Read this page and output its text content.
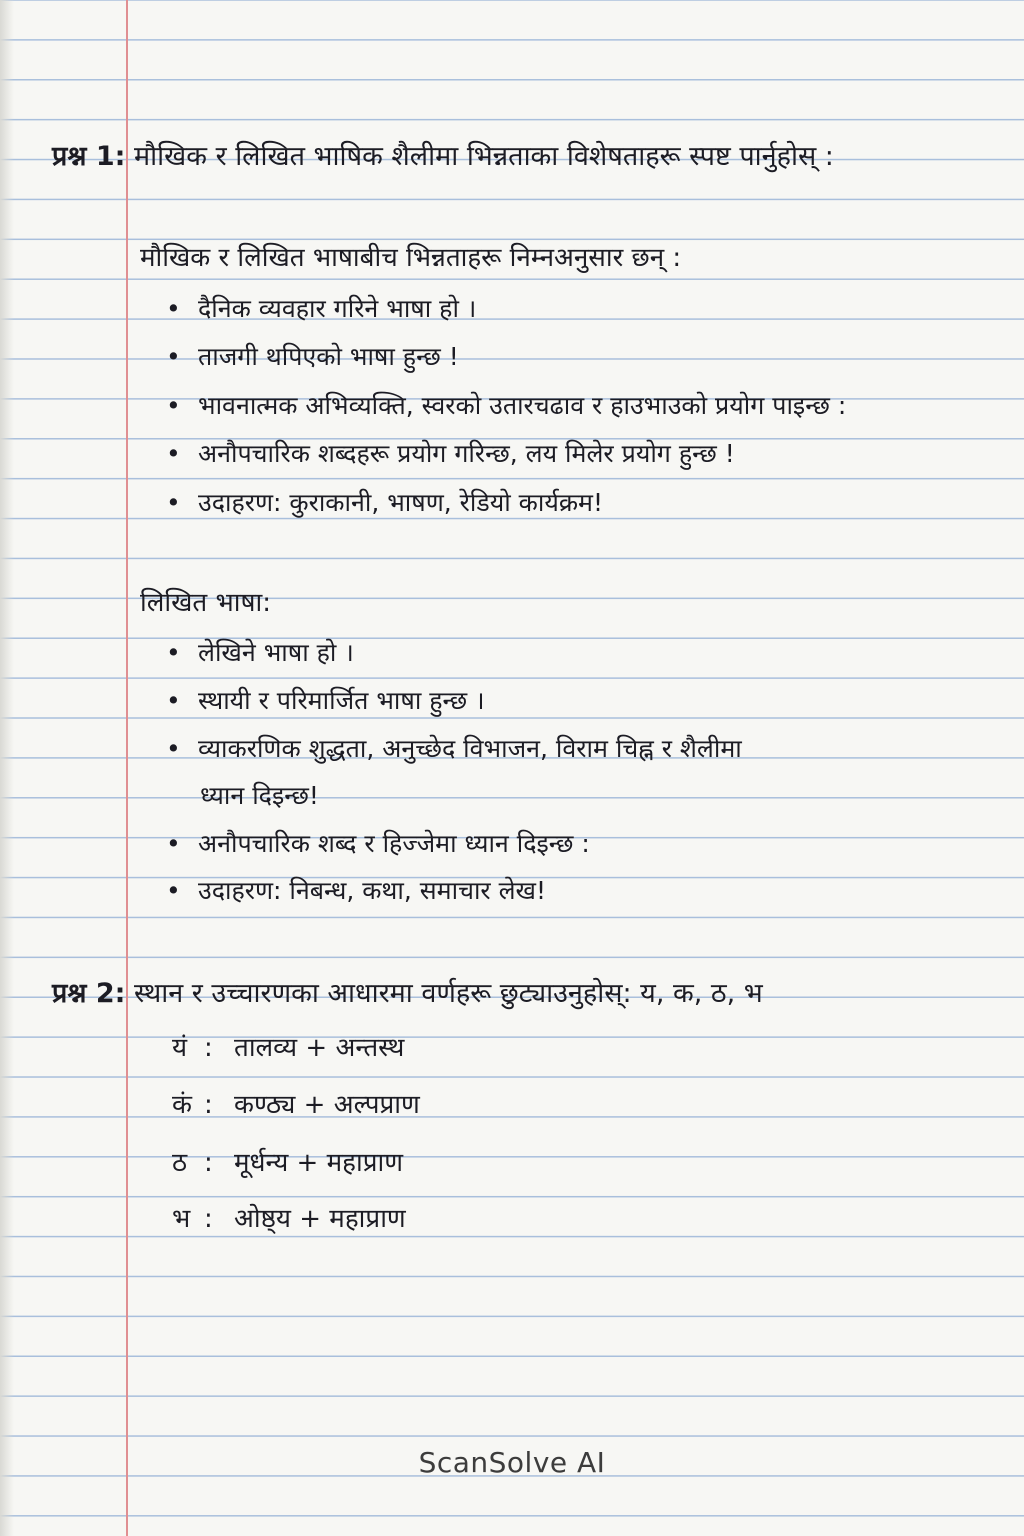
प्रश्न 1: मौखिक र लिखित भाषिक शैलीमा भिन्नताका विशेषताहरू स्पष्ट पार्नुहोस् :
मौखिक र लिखित भाषाबीच भिन्नताहरू निम्नअनुसार छन् :
• दैनिक व्यवहार गरिने भाषा हो ।
• ताजगी थपिएको भाषा हुन्छ !
• भावनात्मक अभिव्यक्ति, स्वरको उतारचढाव र हाउभाउको प्रयोग पाइन्छ :
• अनौपचारिक शब्दहरू प्रयोग गरिन्छ, लय मिलेर प्रयोग हुन्छ !
• उदाहरण: कुराकानी, भाषण, रेडियो कार्यक्रम!
लिखित भाषा:
• लेखिने भाषा हो ।
• स्थायी र परिमार्जित भाषा हुन्छ ।
• व्याकरणिक शुद्धता, अनुच्छेद विभाजन, विराम चिह्न र शैलीमा
ध्यान दिइन्छ!
• अनौपचारिक शब्द र हिज्जेमा ध्यान दिइन्छ :
• उदाहरण: निबन्ध, कथा, समाचार लेख!
प्रश्न 2: स्थान र उच्चारणका आधारमा वर्णहरू छुट्याउनुहोस्: य, क, ठ, भ
यं : तालव्य + अन्तस्थ
कं : कण्ठ्य + अल्पप्राण
ठ : मूर्धन्य + महाप्राण
भ : ओष्ठ्य + महाप्राण
ScanSolve AI
